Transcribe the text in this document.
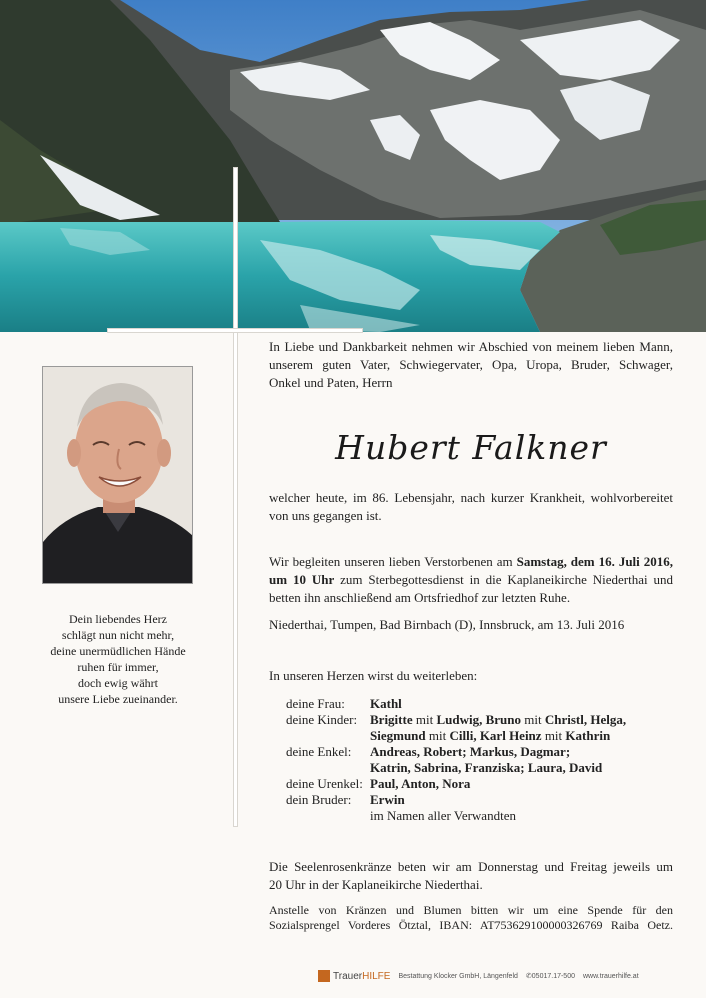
Dein liebendes Herz
schlägt nun nicht mehr,
deine unermüdlichen Hände
ruhen für immer,
doch ewig währt
unsere Liebe zueinander.
In Liebe und Dankbarkeit nehmen wir Abschied von meinem lieben Mann,
unserem guten Vater, Schwiegervater, Opa, Uropa, Bruder, Schwager,
Onkel und Paten, Herrn
Hubert Falkner
welcher heute, im 86. Lebensjahr, nach kurzer Krankheit, wohlvorbereitet
von uns gegangen ist.
Wir begleiten unseren lieben Verstorbenen am Samstag, dem 16. Juli 2016,
um 10 Uhr zum Sterbegottesdienst in die Kaplaneikirche Niederthai und
betten ihn anschließend am Ortsfriedhof zur letzten Ruhe.
Niederthai, Tumpen, Bad Birnbach (D), Innsbruck, am 13. Juli 2016
In unseren Herzen wirst du weiterleben:
deine Frau:	Kathl
deine Kinder: Brigitte mit Ludwig, Bruno mit Christl, Helga,
Siegmund mit Cilli, Karl Heinz mit Kathrin
deine Enkel:	Andreas, Robert; Markus, Dagmar;
Katrin, Sabrina, Franziska; Laura, David
deine Urenkel: Paul, Anton, Nora
dein Bruder:	Erwin
im Namen aller Verwandten
Die Seelenrosenkränze beten wir am Donnerstag und Freitag jeweils um
20 Uhr in der Kaplaneikirche Niederthai.
Anstelle von Kränzen und Blumen bitten wir um eine Spende für den
Sozialsprengel Vorderes Ötztal, IBAN: AT753629100000326769 Raiba Oetz.
TrauerHILFE Bestattung Klocker GmbH, Längenfeld ✆05017.17-500 www.trauerhilfe.at
